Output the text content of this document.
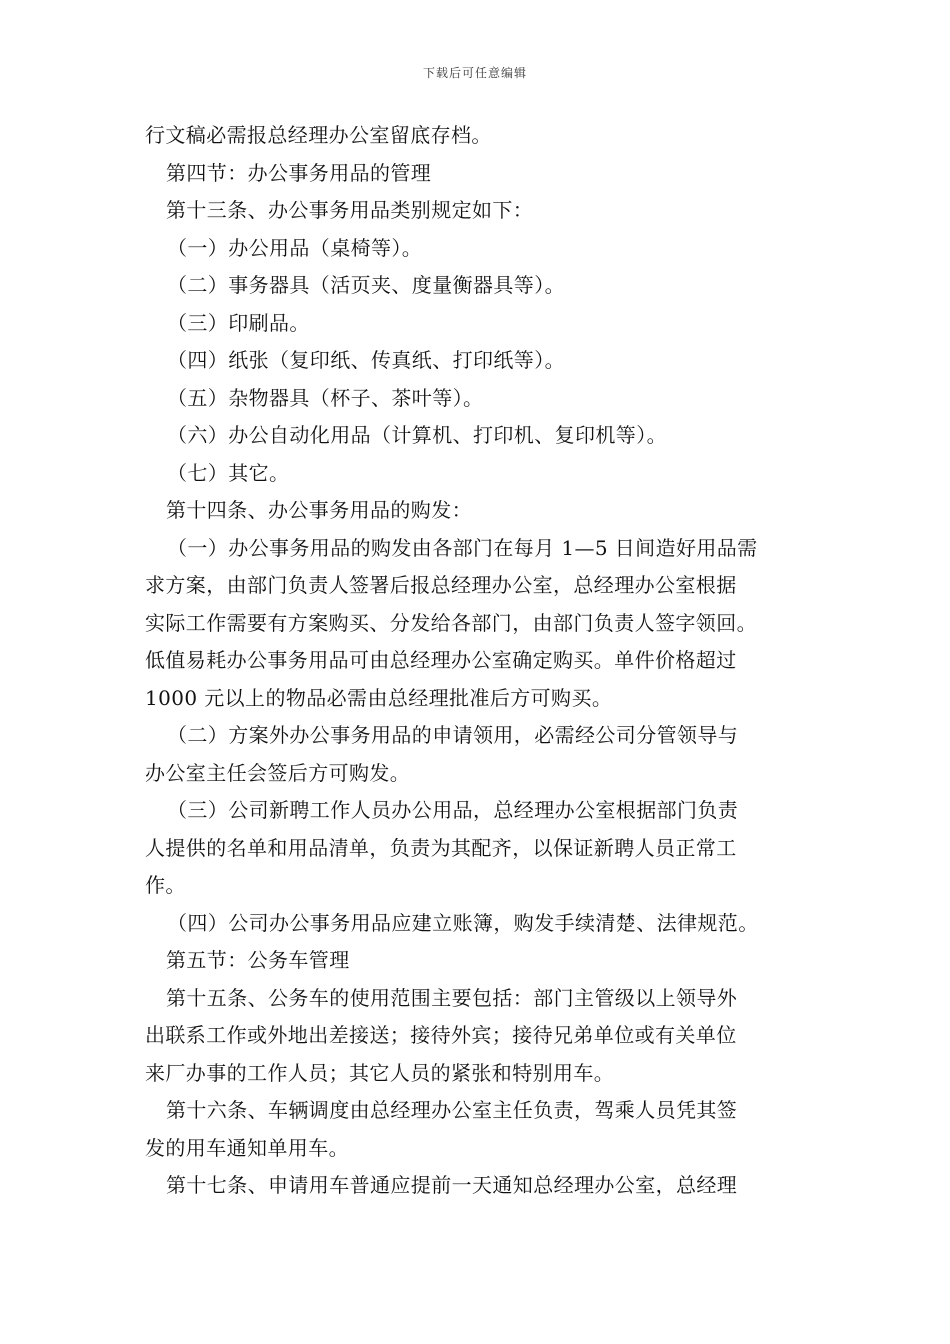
下载后可任意编辑

行文稿必需报总经理办公室留底存档。

第四节：办公事务用品的管理

第十三条、办公事务用品类别规定如下：

（一）办公用品（桌椅等）。

（二）事务器具（活页夹、度量衡器具等）。

（三）印刷品。

（四）纸张（复印纸、传真纸、打印纸等）。

（五）杂物器具（杯子、茶叶等）。

（六）办公自动化用品（计算机、打印机、复印机等）。

（七）其它。

第十四条、办公事务用品的购发：

（一）办公事务用品的购发由各部门在每月 1—5 日间造好用品需

求方案，由部门负责人签署后报总经理办公室，总经理办公室根据

实际工作需要有方案购买、分发给各部门，由部门负责人签字领回。

低值易耗办公事务用品可由总经理办公室确定购买。单件价格超过

1000 元以上的物品必需由总经理批准后方可购买。

（二）方案外办公事务用品的申请领用，必需经公司分管领导与

办公室主任会签后方可购发。

（三）公司新聘工作人员办公用品，总经理办公室根据部门负责

人提供的名单和用品清单，负责为其配齐，以保证新聘人员正常工

作。

（四）公司办公事务用品应建立账簿，购发手续清楚、法律规范。

第五节：公务车管理

第十五条、公务车的使用范围主要包括：部门主管级以上领导外

出联系工作或外地出差接送；接待外宾；接待兄弟单位或有关单位

来厂办事的工作人员；其它人员的紧张和特别用车。

第十六条、车辆调度由总经理办公室主任负责，驾乘人员凭其签

发的用车通知单用车。

第十七条、申请用车普通应提前一天通知总经理办公室，总经理
